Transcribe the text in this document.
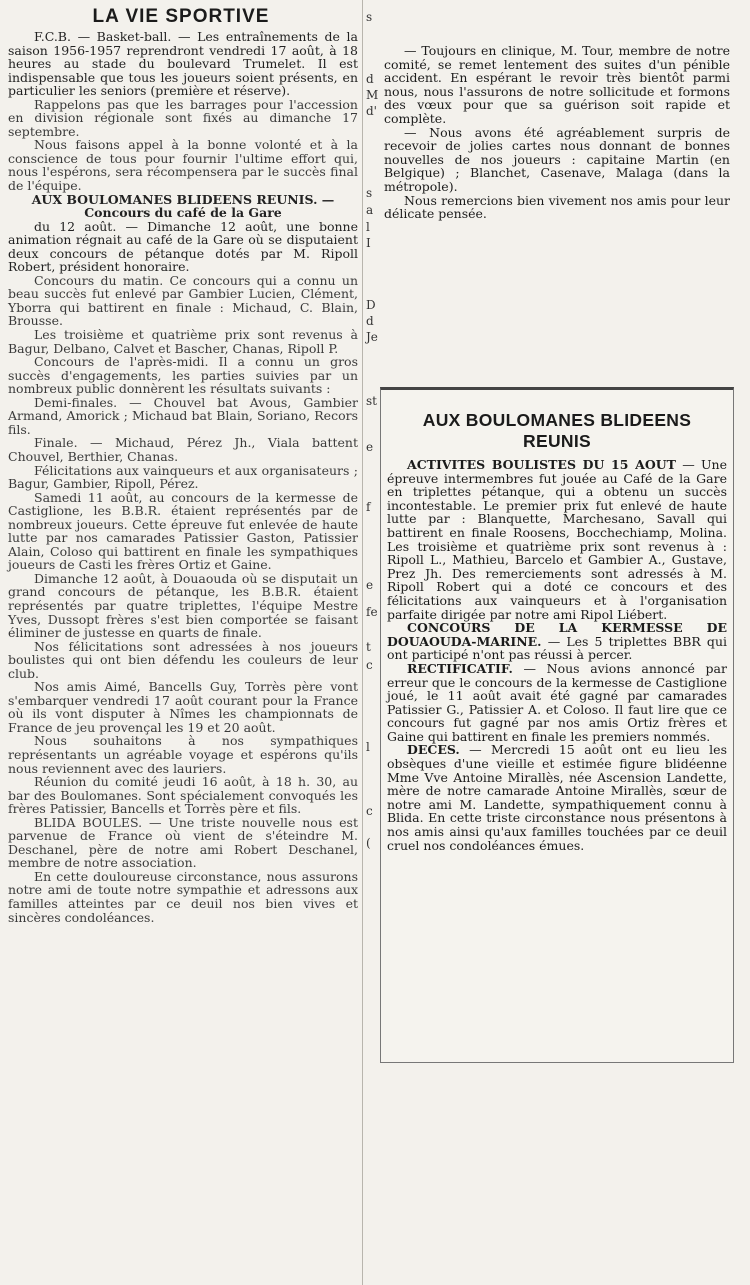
LA VIE SPORTIVE

F.C.B. — Basket-ball. — Les entraînements de la saison 1956-1957 reprendront vendredi 17 août, à 18 heures au stade du boulevard Trumelet. Il est indispensable que tous les joueurs soient présents, en particulier les seniors (première et réserve).

Rappelons pas que les barrages pour l'accession en division régionale sont fixés au dimanche 17 septembre.

Nous faisons appel à la bonne volonté et à la conscience de tous pour fournir l'ultime effort qui, nous l'espérons, sera récompensera par le succès final de l'équipe.

AUX BOULOMANES BLIDEENS REUNIS. — Concours du café de la Gare

du 12 août. — Dimanche 12 août, une bonne animation régnait au café de la Gare où se disputaient deux concours de pétanque dotés par M. Ripoll Robert, président honoraire.

Concours du matin. Ce concours qui a connu un beau succès fut enlevé par Gambier Lucien, Clément, Yborra qui battirent en finale : Michaud, C. Blain, Brousse.

Les troisième et quatrième prix sont revenus à Bagur, Delbano, Calvet et Bascher, Chanas, Ripoll P.

Concours de l'après-midi. Il a connu un gros succès d'engagements, les parties suivies par un nombreux public donnèrent les résultats suivants :

Demi-finales. — Chouvel bat Avous, Gambier Armand, Amorick ; Michaud bat Blain, Soriano, Recors fils.

Finale. — Michaud, Pérez Jh., Viala battent Chouvel, Berthier, Chanas.

Félicitations aux vainqueurs et aux organisateurs ; Bagur, Gambier, Ripoll, Pérez.

Samedi 11 août, au concours de la kermesse de Castiglione, les B.B.R. étaient représentés par de nombreux joueurs. Cette épreuve fut enlevée de haute lutte par nos camarades Patissier Gaston, Patissier Alain, Coloso qui battirent en finale les sympathiques joueurs de Casti les frères Ortiz et Gaine.

Dimanche 12 août, à Douaouda où se disputait un grand concours de pétanque, les B.B.R. étaient représentés par quatre triplettes, l'équipe Mestre Yves, Dussopt frères s'est bien comportée se faisant éliminer de justesse en quarts de finale.

Nos félicitations sont adressées à nos joueurs boulistes qui ont bien défendu les couleurs de leur club.

Nos amis Aimé, Bancells Guy, Torrès père vont s'embarquer vendredi 17 août courant pour la France où ils vont disputer à Nîmes les championnats de France de jeu provençal les 19 et 20 août.

Nous souhaitons à nos sympathiques représentants un agréable voyage et espérons qu'ils nous reviennent avec des lauriers.

Réunion du comité jeudi 16 août, à 18 h. 30, au bar des Boulomanes. Sont spécialement convoqués les frères Patissier, Bancells et Torrès père et fils.

BLIDA BOULES. — Une triste nouvelle nous est parvenue de France où vient de s'éteindre M. Deschanel, père de notre ami Robert Deschanel, membre de notre association.

En cette douloureuse circonstance, nous assurons notre ami de toute notre sympathie et adressons aux familles atteintes par ce deuil nos bien vives et sincères condoléances.

s
d
M
d'
s
a
l
I
D
d
Je
st
e
f
e
fe
t
c
l
c

(

— Toujours en clinique, M. Tour, membre de notre comité, se remet lentement des suites d'un pénible accident. En espérant le revoir très bientôt parmi nous, nous l'assurons de notre sollicitude et formons des vœux pour que sa guérison soit rapide et complète.

— Nous avons été agréablement surpris de recevoir de jolies cartes nous donnant de bonnes nouvelles de nos joueurs : capitaine Martin (en Belgique) ; Blanchet, Casenave, Malaga (dans la métropole).

Nous remercions bien vivement nos amis pour leur délicate pensée.

AUX BOULOMANES BLIDEENS REUNIS

ACTIVITES BOULISTES DU 15 AOUT — Une épreuve intermembres fut jouée au Café de la Gare en triplettes pétanque, qui a obtenu un succès incontestable. Le premier prix fut enlevé de haute lutte par : Blanquette, Marchesano, Savall qui battirent en finale Roosens, Bocchechiamp, Molina. Les troisième et quatrième prix sont revenus à : Ripoll L., Mathieu, Barcelo et Gambier A., Gustave, Prez Jh. Des remerciements sont adressés à M. Ripoll Robert qui a doté ce concours et des félicitations aux vainqueurs et à l'organisation parfaite dirigée par notre ami Ripol Liébert.

CONCOURS DE LA KERMESSE DE DOUAOUDA-MARINE. — Les 5 triplettes BBR qui ont participé n'ont pas réussi à percer.

RECTIFICATIF. — Nous avions annoncé par erreur que le concours de la kermesse de Castiglione joué, le 11 août avait été gagné par camarades Patissier G., Patissier A. et Coloso. Il faut lire que ce concours fut gagné par nos amis Ortiz frères et Gaine qui battirent en finale les premiers nommés.

DECES. — Mercredi 15 août ont eu lieu les obsèques d'une vieille et estimée figure blidéenne Mme Vve Antoine Mirallès, née Ascension Landette, mère de notre camarade Antoine Mirallès, sœur de notre ami M. Landette, sympathiquement connu à Blida. En cette triste circonstance nous présentons à nos amis ainsi qu'aux familles touchées par ce deuil cruel nos condoléances émues.
